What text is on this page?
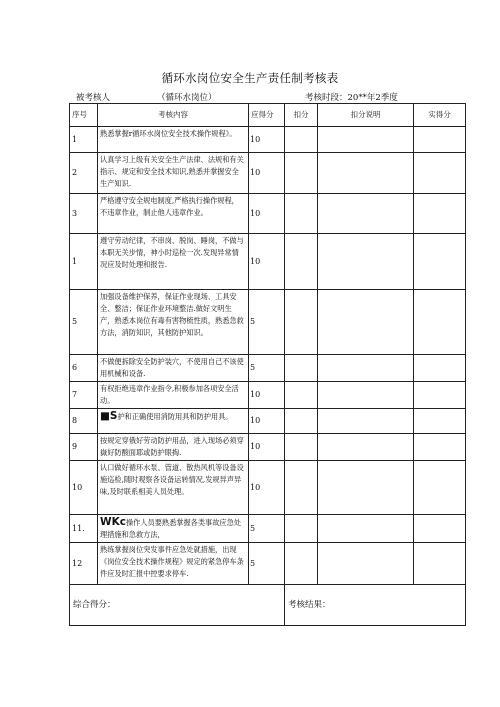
循环水岗位安全生产责任制考核表
被考核人	（循环水岗位）	考核时段：20**年2季度
序号	考核内容	应得分	扣分	扣分说明	实得分
1	熟悉掌握r循环水岗位安全技术操作规程》。	10			
2	认真学习上级有关安全生产法律、法规和有关指示、规定和安全技术知识,熟悉并掌握安全生产知识.	10			
3	严格遵守安全规电制度,严格执行操作规程，不违章作业，制止他人违章作业。	10			
1	遵守劳动纪律，不串岗、脱岗、睡岗，不做与本职无关步情，神小时巡检一次.发现异常情况应及时处理和报告.	10			
5	加强设备维护保养，保证作业现场、工具安全、整洁；保证作业环境整洁.做好文明生产，熟悉本岗位有毒有害物梳性质，熟悉急救方法，消防知识，其他防护知识。	5			
6	不做便拆除安全防护装穴，不使用自己不该使用机械和设备.	5			
7	有权拒绝违章作业指令,积极参加各项安全活动。	10			
8	■S护和正确使用消防用具和防护用具。	10			
9	按规定穿俄好劳动防护用品，进入现场必须穿嶽好防酸面耶或防护眼掏.	10			
10	认口做好循环水泵、管道、散热风机等设备设施巡检,随时观察各设备运转情况,发规异声异味,及时联系相美人员处理。	10			
11.	WKc操作人员要熟悉掌握各类事故应急处理措施和急救方法，	5			
12	熟练掌握岗位突发事件应急处就措施，出现《岗位安全技术操作规程》规定的紧急停车条件应及时汇报中控要求停车.	5			
综合得分：			考核结果：		
